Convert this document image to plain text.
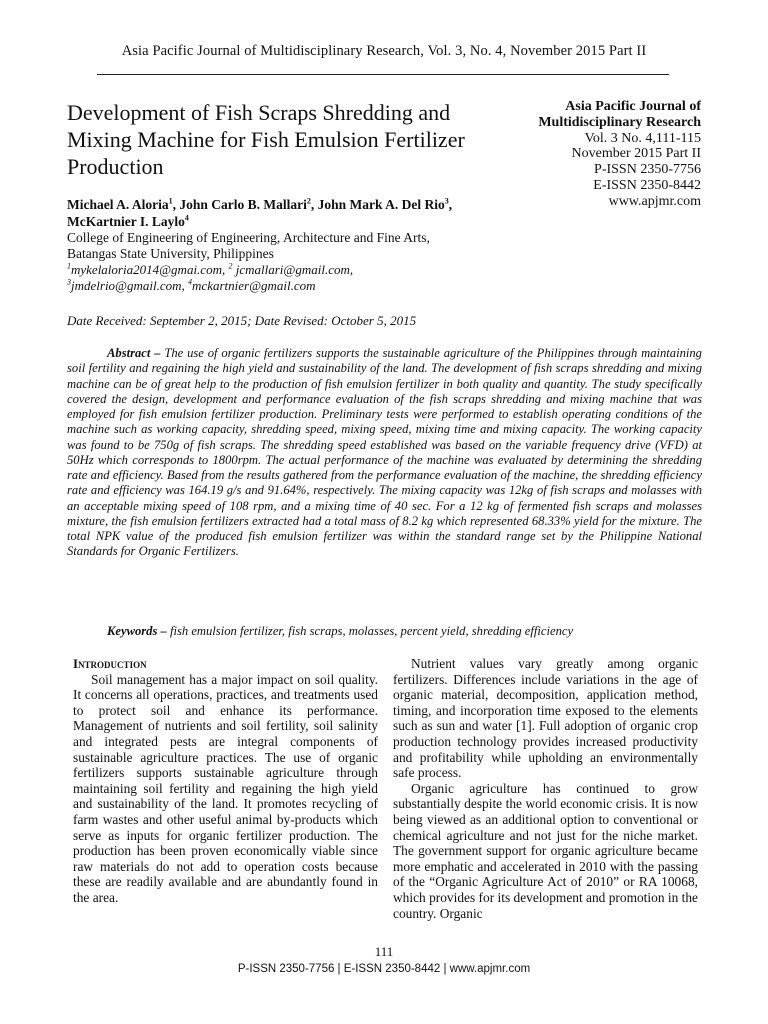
Asia Pacific Journal of Multidisciplinary Research, Vol. 3, No. 4, November 2015 Part II
Development of Fish Scraps Shredding and Mixing Machine for Fish Emulsion Fertilizer Production
Asia Pacific Journal of
Multidisciplinary Research
Vol. 3 No. 4,111-115
November 2015 Part II
P-ISSN 2350-7756
E-ISSN 2350-8442
www.apjmr.com
Michael A. Aloria$^1$, John Carlo B. Mallari$^2$, John Mark A. Del Rio$^3$,
McKartnier I. Laylo$^4$
College of Engineering of Engineering, Architecture and Fine Arts,
Batangas State University, Philippines
$^1$mykelaloria2014@gmai.com, $^2$ jcmallari@gmail.com,
$^3$jmdelrio@gmail.com, $^4$mckartnier@gmail.com
Date Received: September 2, 2015; Date Revised: October 5, 2015

Abstract – The use of organic fertilizers supports the sustainable agriculture of the Philippines through maintaining soil fertility and regaining the high yield and sustainability of the land. The development of fish scraps shredding and mixing machine can be of great help to the production of fish emulsion fertilizer in both quality and quantity. The study specifically covered the design, development and performance evaluation of the fish scraps shredding and mixing machine that was employed for fish emulsion fertilizer production. Preliminary tests were performed to establish operating conditions of the machine such as working capacity, shredding speed, mixing speed, mixing time and mixing capacity. The working capacity was found to be 750g of fish scraps. The shredding speed established was based on the variable frequency drive (VFD) at 50Hz which corresponds to 1800rpm. The actual performance of the machine was evaluated by determining the shredding rate and efficiency. Based from the results gathered from the performance evaluation of the machine, the shredding efficiency rate and efficiency was 164.19 g/s and 91.64%, respectively. The mixing capacity was 12kg of fish scraps and molasses with an acceptable mixing speed of 108 rpm, and a mixing time of 40 sec. For a 12 kg of fermented fish scraps and molasses mixture, the fish emulsion fertilizers extracted had a total mass of 8.2 kg which represented 68.33% yield for the mixture. The total NPK value of the produced fish emulsion fertilizer was within the standard range set by the Philippine National Standards for Organic Fertilizers.

Keywords – fish emulsion fertilizer, fish scraps, molasses, percent yield, shredding efficiency
Introduction

Soil management has a major impact on soil quality. It concerns all operations, practices, and treatments used to protect soil and enhance its performance. Management of nutrients and soil fertility, soil salinity and integrated pests are integral components of sustainable agriculture practices. The use of organic fertilizers supports sustainable agriculture through maintaining soil fertility and regaining the high yield and sustainability of the land. It promotes recycling of farm wastes and other useful animal by-products which serve as inputs for organic fertilizer production. The production has been proven economically viable since raw materials do not add to operation costs because these are readily available and are abundantly found in the area.

Nutrient values vary greatly among organic fertilizers. Differences include variations in the age of organic material, decomposition, application method, timing, and incorporation time exposed to the elements such as sun and water [1]. Full adoption of organic crop production technology provides increased productivity and profitability while upholding an environmentally safe process.

Organic agriculture has continued to grow substantially despite the world economic crisis. It is now being viewed as an additional option to conventional or chemical agriculture and not just for the niche market. The government support for organic agriculture became more emphatic and accelerated in 2010 with the passing of the “Organic Agriculture Act of 2010” or RA 10068, which provides for its development and promotion in the country. Organic

111
P-ISSN 2350-7756 | E-ISSN 2350-8442 | www.apjmr.com
